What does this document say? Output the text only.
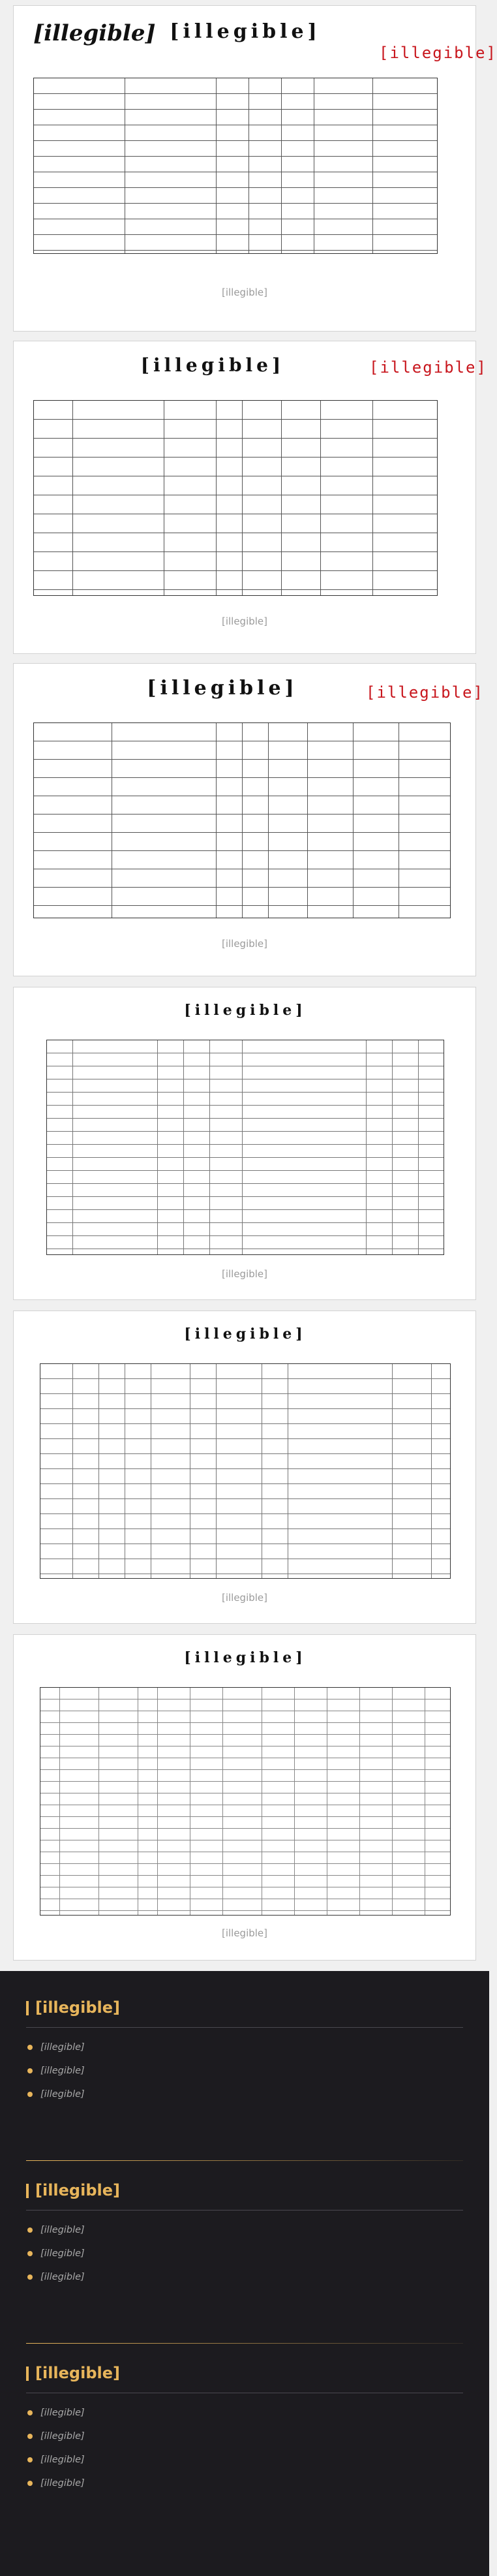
[illegible] [illegible]
[illegible]
[illegible]
[illegible]	[illegible]
[illegible]
[illegible]	[illegible]
[illegible]
[illegible]
[illegible]
[illegible]
[illegible]
[illegible]
[illegible]
[illegible]
[illegible]
[illegible]
[illegible]
[illegible]
[illegible]
[illegible]
[illegible]
[illegible]
[illegible]
[illegible]
[illegible]
[illegible]
